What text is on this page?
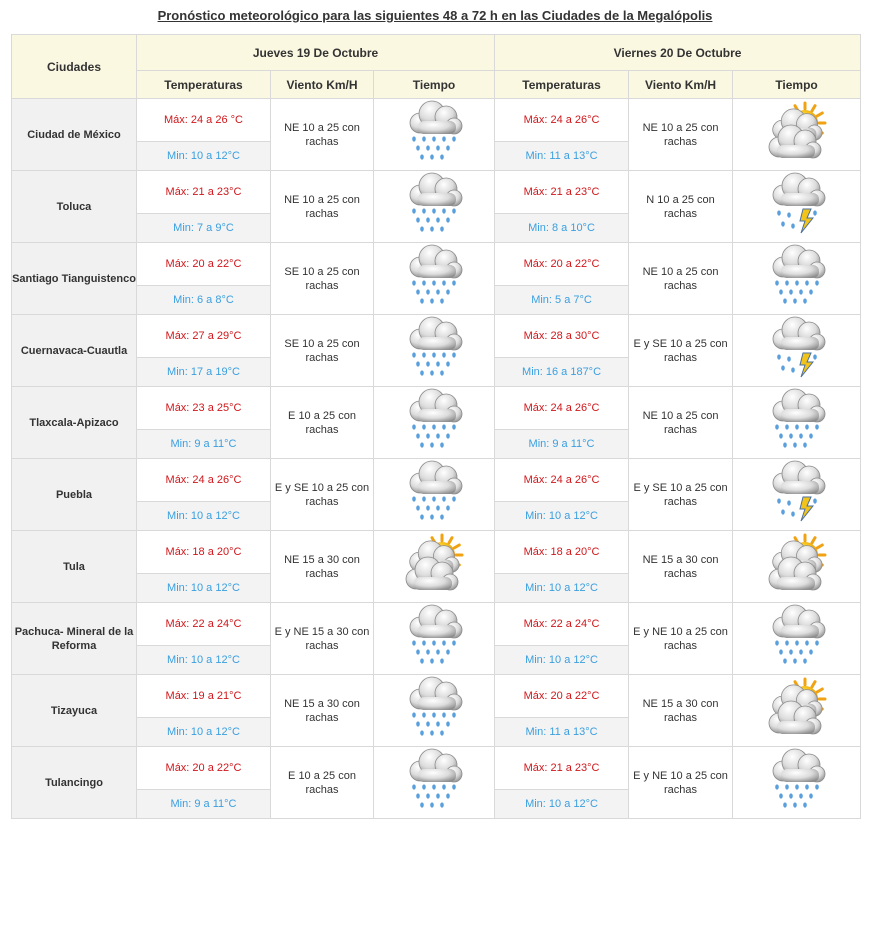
Pronóstico meteorológico para las siguientes 48 a 72 h en las Ciudades de la Megalópolis
Ciudades	Jueves 19 De Octubre			Viernes 20 De Octubre		
	Temperaturas	Viento Km/H	Tiempo	Temperaturas	Viento Km/H	Tiempo
Ciudad de México	Máx: 24 a 26 °C	NE 10 a 25 con rachas		Máx: 24 a 26°C	NE 10 a 25 con rachas	

	Min: 10 a 12°C			Min: 11 a 13°C		
Toluca	Máx: 21 a 23°C	NE 10 a 25 con rachas		Máx: 21 a 23°C	N 10 a 25 con rachas	

	Min: 7 a 9°C			Min: 8 a 10°C		
Santiago Tianguistenco	Máx: 20 a 22°C	SE 10 a 25 con rachas		Máx: 20 a 22°C	NE 10 a 25 con rachas	

	Min: 6 a 8°C			Min: 5 a 7°C		
Cuernavaca-Cuautla	Máx: 27 a 29°C	SE 10 a 25 con rachas		Máx: 28 a 30°C	E y SE 10 a 25 con rachas	

	Min: 17 a 19°C			Min: 16 a 187°C		
Tlaxcala-Apizaco	Máx: 23 a 25°C	E 10 a 25 con rachas		Máx: 24 a 26°C	NE 10 a 25 con rachas	

	Min: 9 a 11°C			Min: 9 a 11°C		
Puebla	Máx: 24 a 26°C	E y SE 10 a 25 con rachas		Máx: 24 a 26°C	E y SE 10 a 25 con rachas	

	Min: 10 a 12°C			Min: 10 a 12°C		
Tula	Máx: 18 a 20°C	NE 15 a 30 con rachas		Máx: 18 a 20°C	NE 15 a 30 con rachas	

	Min: 10 a 12°C			Min: 10 a 12°C		
Pachuca- Mineral de la Reforma	Máx: 22 a 24°C	E y NE 15 a 30 con rachas		Máx: 22 a 24°C	E y NE 10 a 25 con rachas	

	Min: 10 a 12°C			Min: 10 a 12°C		
Tizayuca	Máx: 19 a 21°C	NE 15 a 30 con rachas		Máx: 20 a 22°C	NE 15 a 30 con rachas	

	Min: 10 a 12°C			Min: 11 a 13°C		
Tulancingo	Máx: 20 a 22°C	E 10 a 25 con rachas		Máx: 21 a 23°C	E y NE 10 a 25 con rachas	

	Min: 9 a 11°C			Min: 10 a 12°C		
